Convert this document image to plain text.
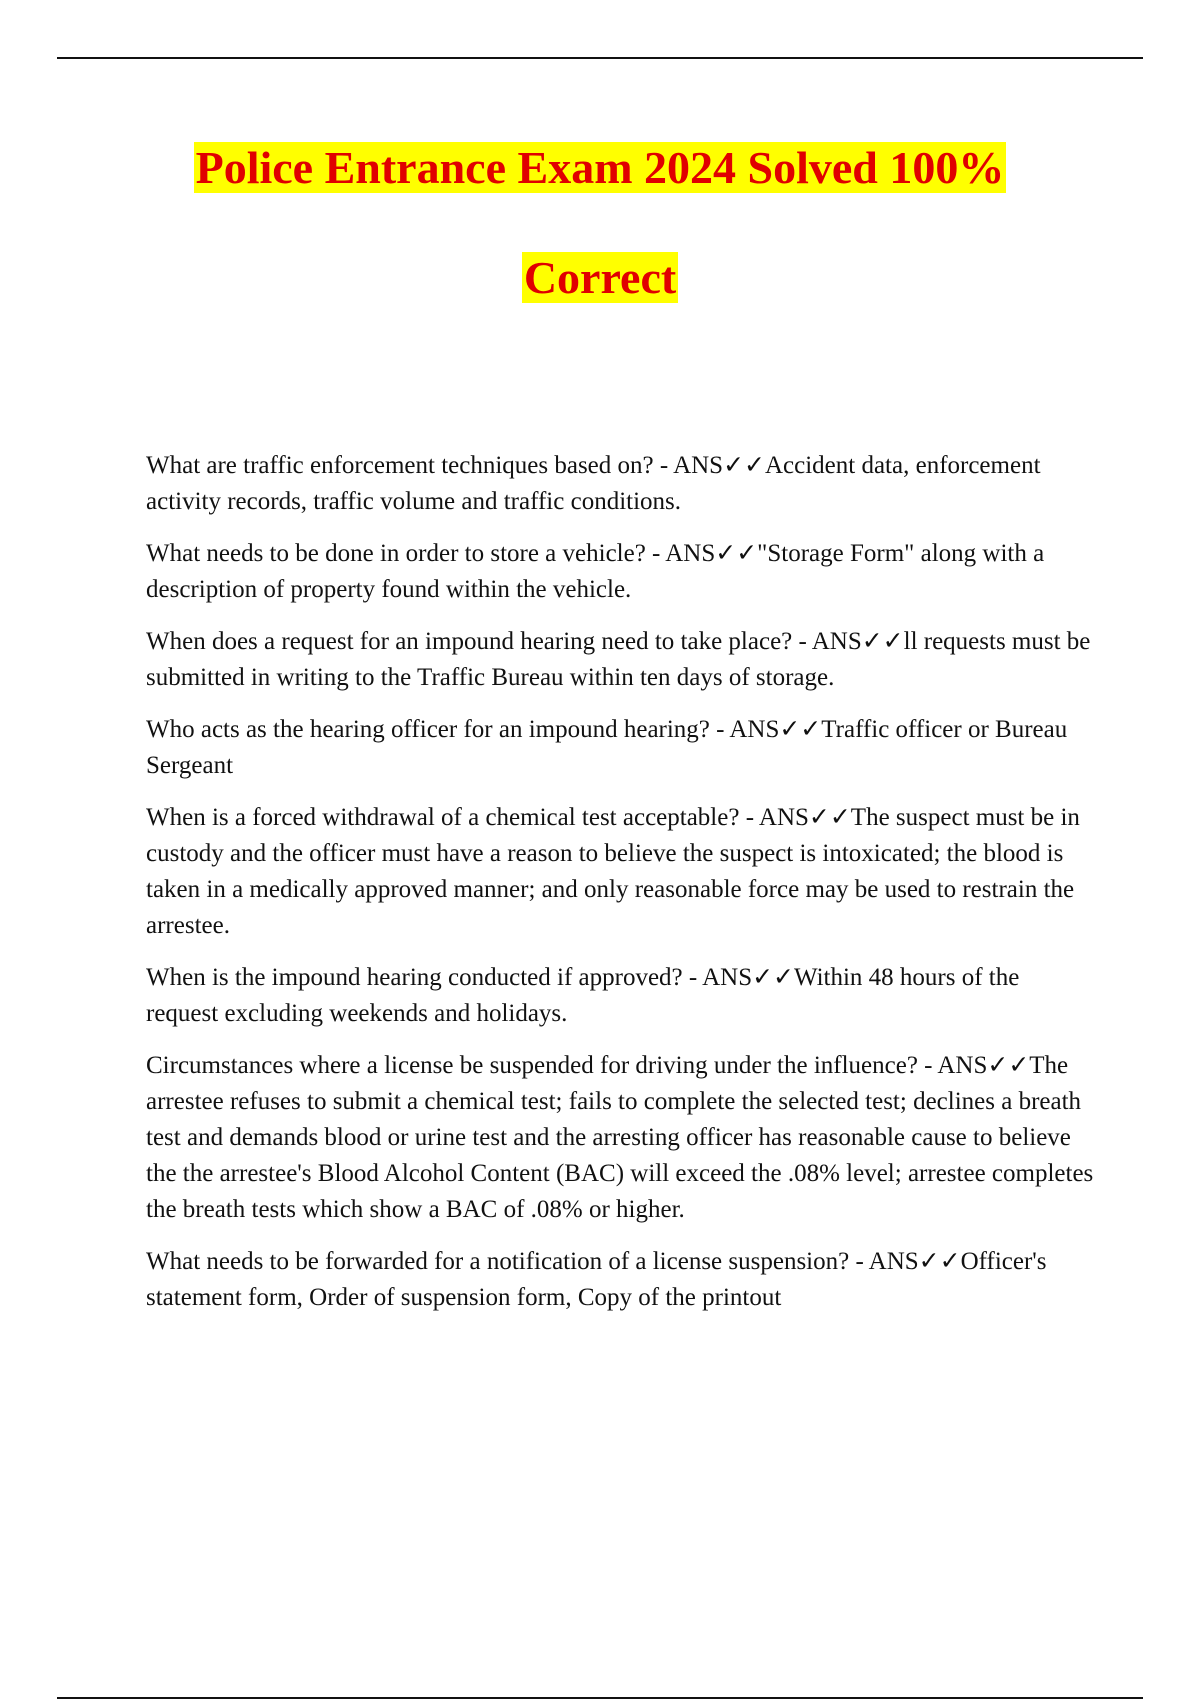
Police Entrance Exam 2024 Solved 100%
Correct
What are traffic enforcement techniques based on? - ANS✓✓Accident data, enforcement activity records, traffic volume and traffic conditions.
What needs to be done in order to store a vehicle? - ANS✓✓"Storage Form" along with a description of property found within the vehicle.
When does a request for an impound hearing need to take place? - ANS✓✓ll requests must be submitted in writing to the Traffic Bureau within ten days of storage.
Who acts as the hearing officer for an impound hearing? - ANS✓✓Traffic officer or Bureau Sergeant
When is a forced withdrawal of a chemical test acceptable? - ANS✓✓The suspect must be in custody and the officer must have a reason to believe the suspect is intoxicated; the blood is taken in a medically approved manner; and only reasonable force may be used to restrain the arrestee.
When is the impound hearing conducted if approved? - ANS✓✓Within 48 hours of the request excluding weekends and holidays.
Circumstances where a license be suspended for driving under the influence? - ANS✓✓The arrestee refuses to submit a chemical test; fails to complete the selected test; declines a breath test and demands blood or urine test and the arresting officer has reasonable cause to believe the the arrestee's Blood Alcohol Content (BAC) will exceed the .08% level; arrestee completes the breath tests which show a BAC of .08% or higher.
What needs to be forwarded for a notification of a license suspension? - ANS✓✓Officer's statement form, Order of suspension form, Copy of the printout
